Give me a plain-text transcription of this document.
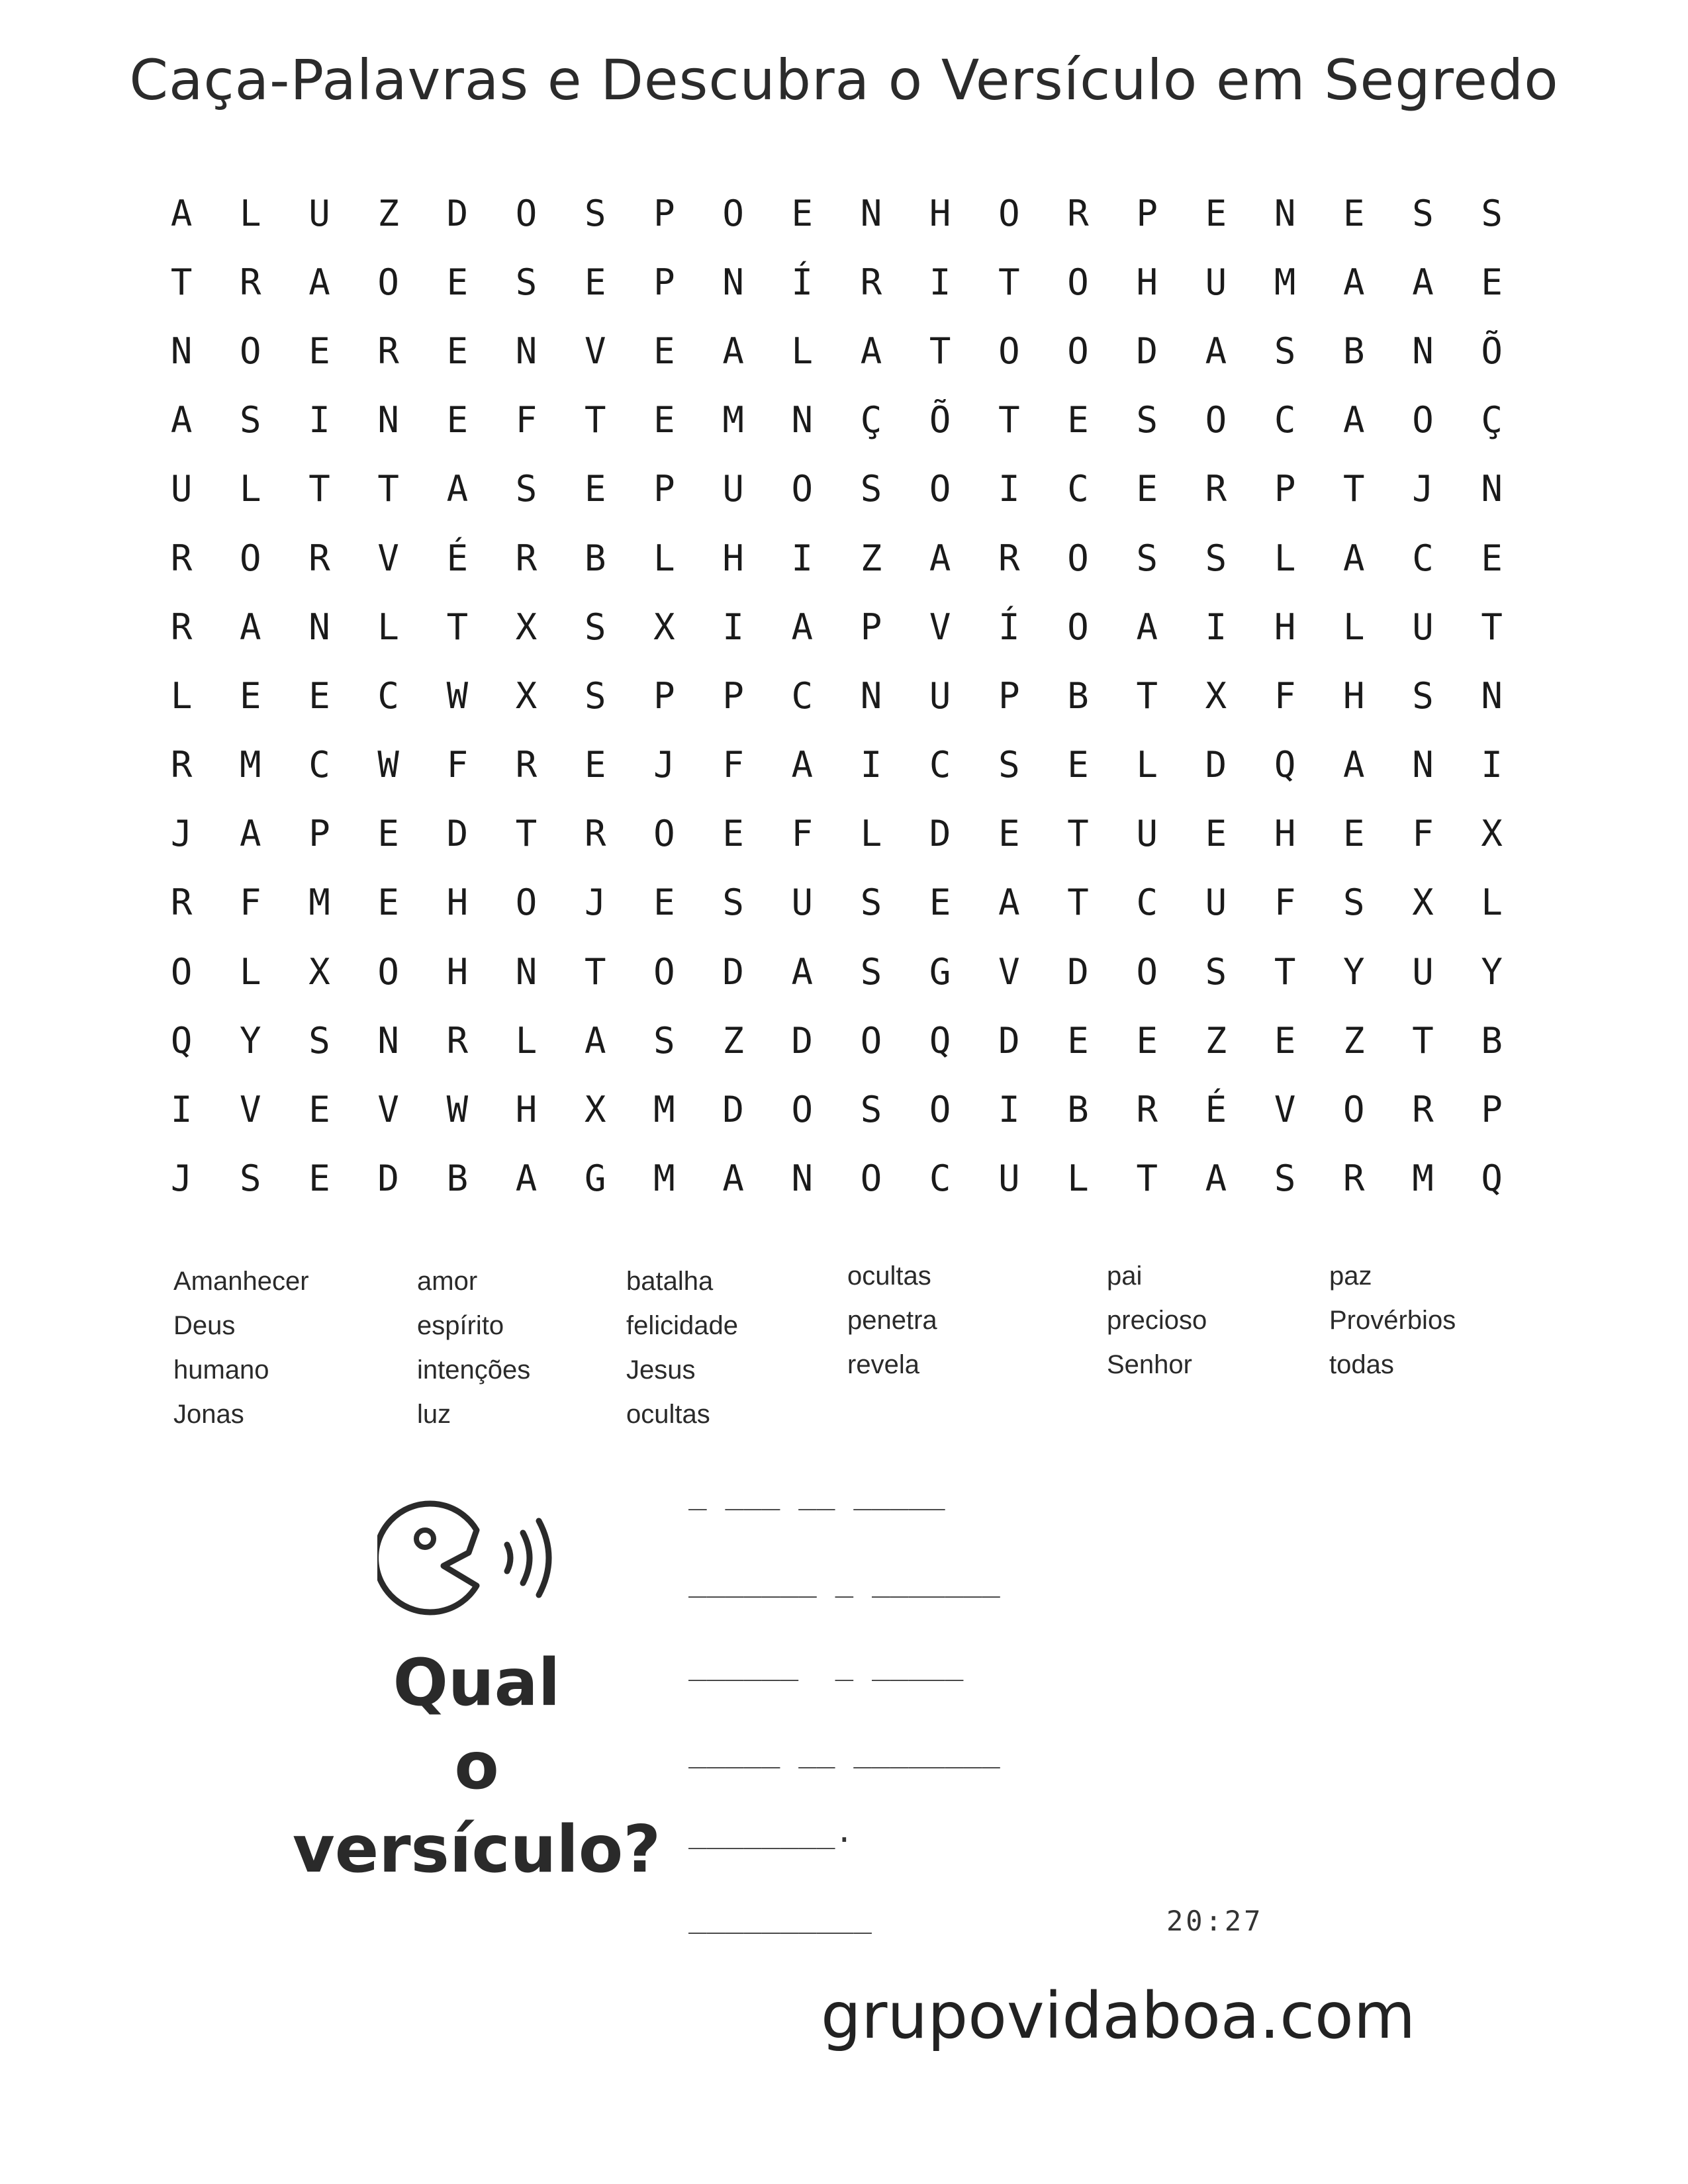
Caça-Palavras e Descubra o Versículo em Segredo
A	L	U	Z	D	O	S	P	O	E	N	H	O	R	P	E	N	E	S	S
T	R	A	O	E	S	E	P	N	Í	R	I	T	O	H	U	M	A	A	E
N	O	E	R	E	N	V	E	A	L	A	T	O	O	D	A	S	B	N	Õ
A	S	I	N	E	F	T	E	M	N	Ç	Õ	T	E	S	O	C	A	O	Ç
U	L	T	T	A	S	E	P	U	O	S	O	I	C	E	R	P	T	J	N
R	O	R	V	É	R	B	L	H	I	Z	A	R	O	S	S	L	A	C	E
R	A	N	L	T	X	S	X	I	A	P	V	Í	O	A	I	H	L	U	T
L	E	E	C	W	X	S	P	P	C	N	U	P	B	T	X	F	H	S	N
R	M	C	W	F	R	E	J	F	A	I	C	S	E	L	D	Q	A	N	I
J	A	P	E	D	T	R	O	E	F	L	D	E	T	U	E	H	E	F	X
R	F	M	E	H	O	J	E	S	U	S	E	A	T	C	U	F	S	X	L
O	L	X	O	H	N	T	O	D	A	S	G	V	D	O	S	T	Y	U	Y
Q	Y	S	N	R	L	A	S	Z	D	O	Q	D	E	E	Z	E	Z	T	B
I	V	E	V	W	H	X	M	D	O	S	O	I	B	R	É	V	O	R	P
J	S	E	D	B	A	G	M	A	N	O	C	U	L	T	A	S	R	M	Q
Amanhecer
Deus
humano
Jonas
amor
espírito
intenções
luz
batalha
felicidade
Jesus
ocultas
ocultas
penetra
revela
pai
precioso
Senhor
paz
Provérbios
todas
Qual
o
versículo?
_ ___ __ _____
_______ _ _______
______  _ _____
_____ __ ________
________.
__________	20:27
grupovidaboa.com
